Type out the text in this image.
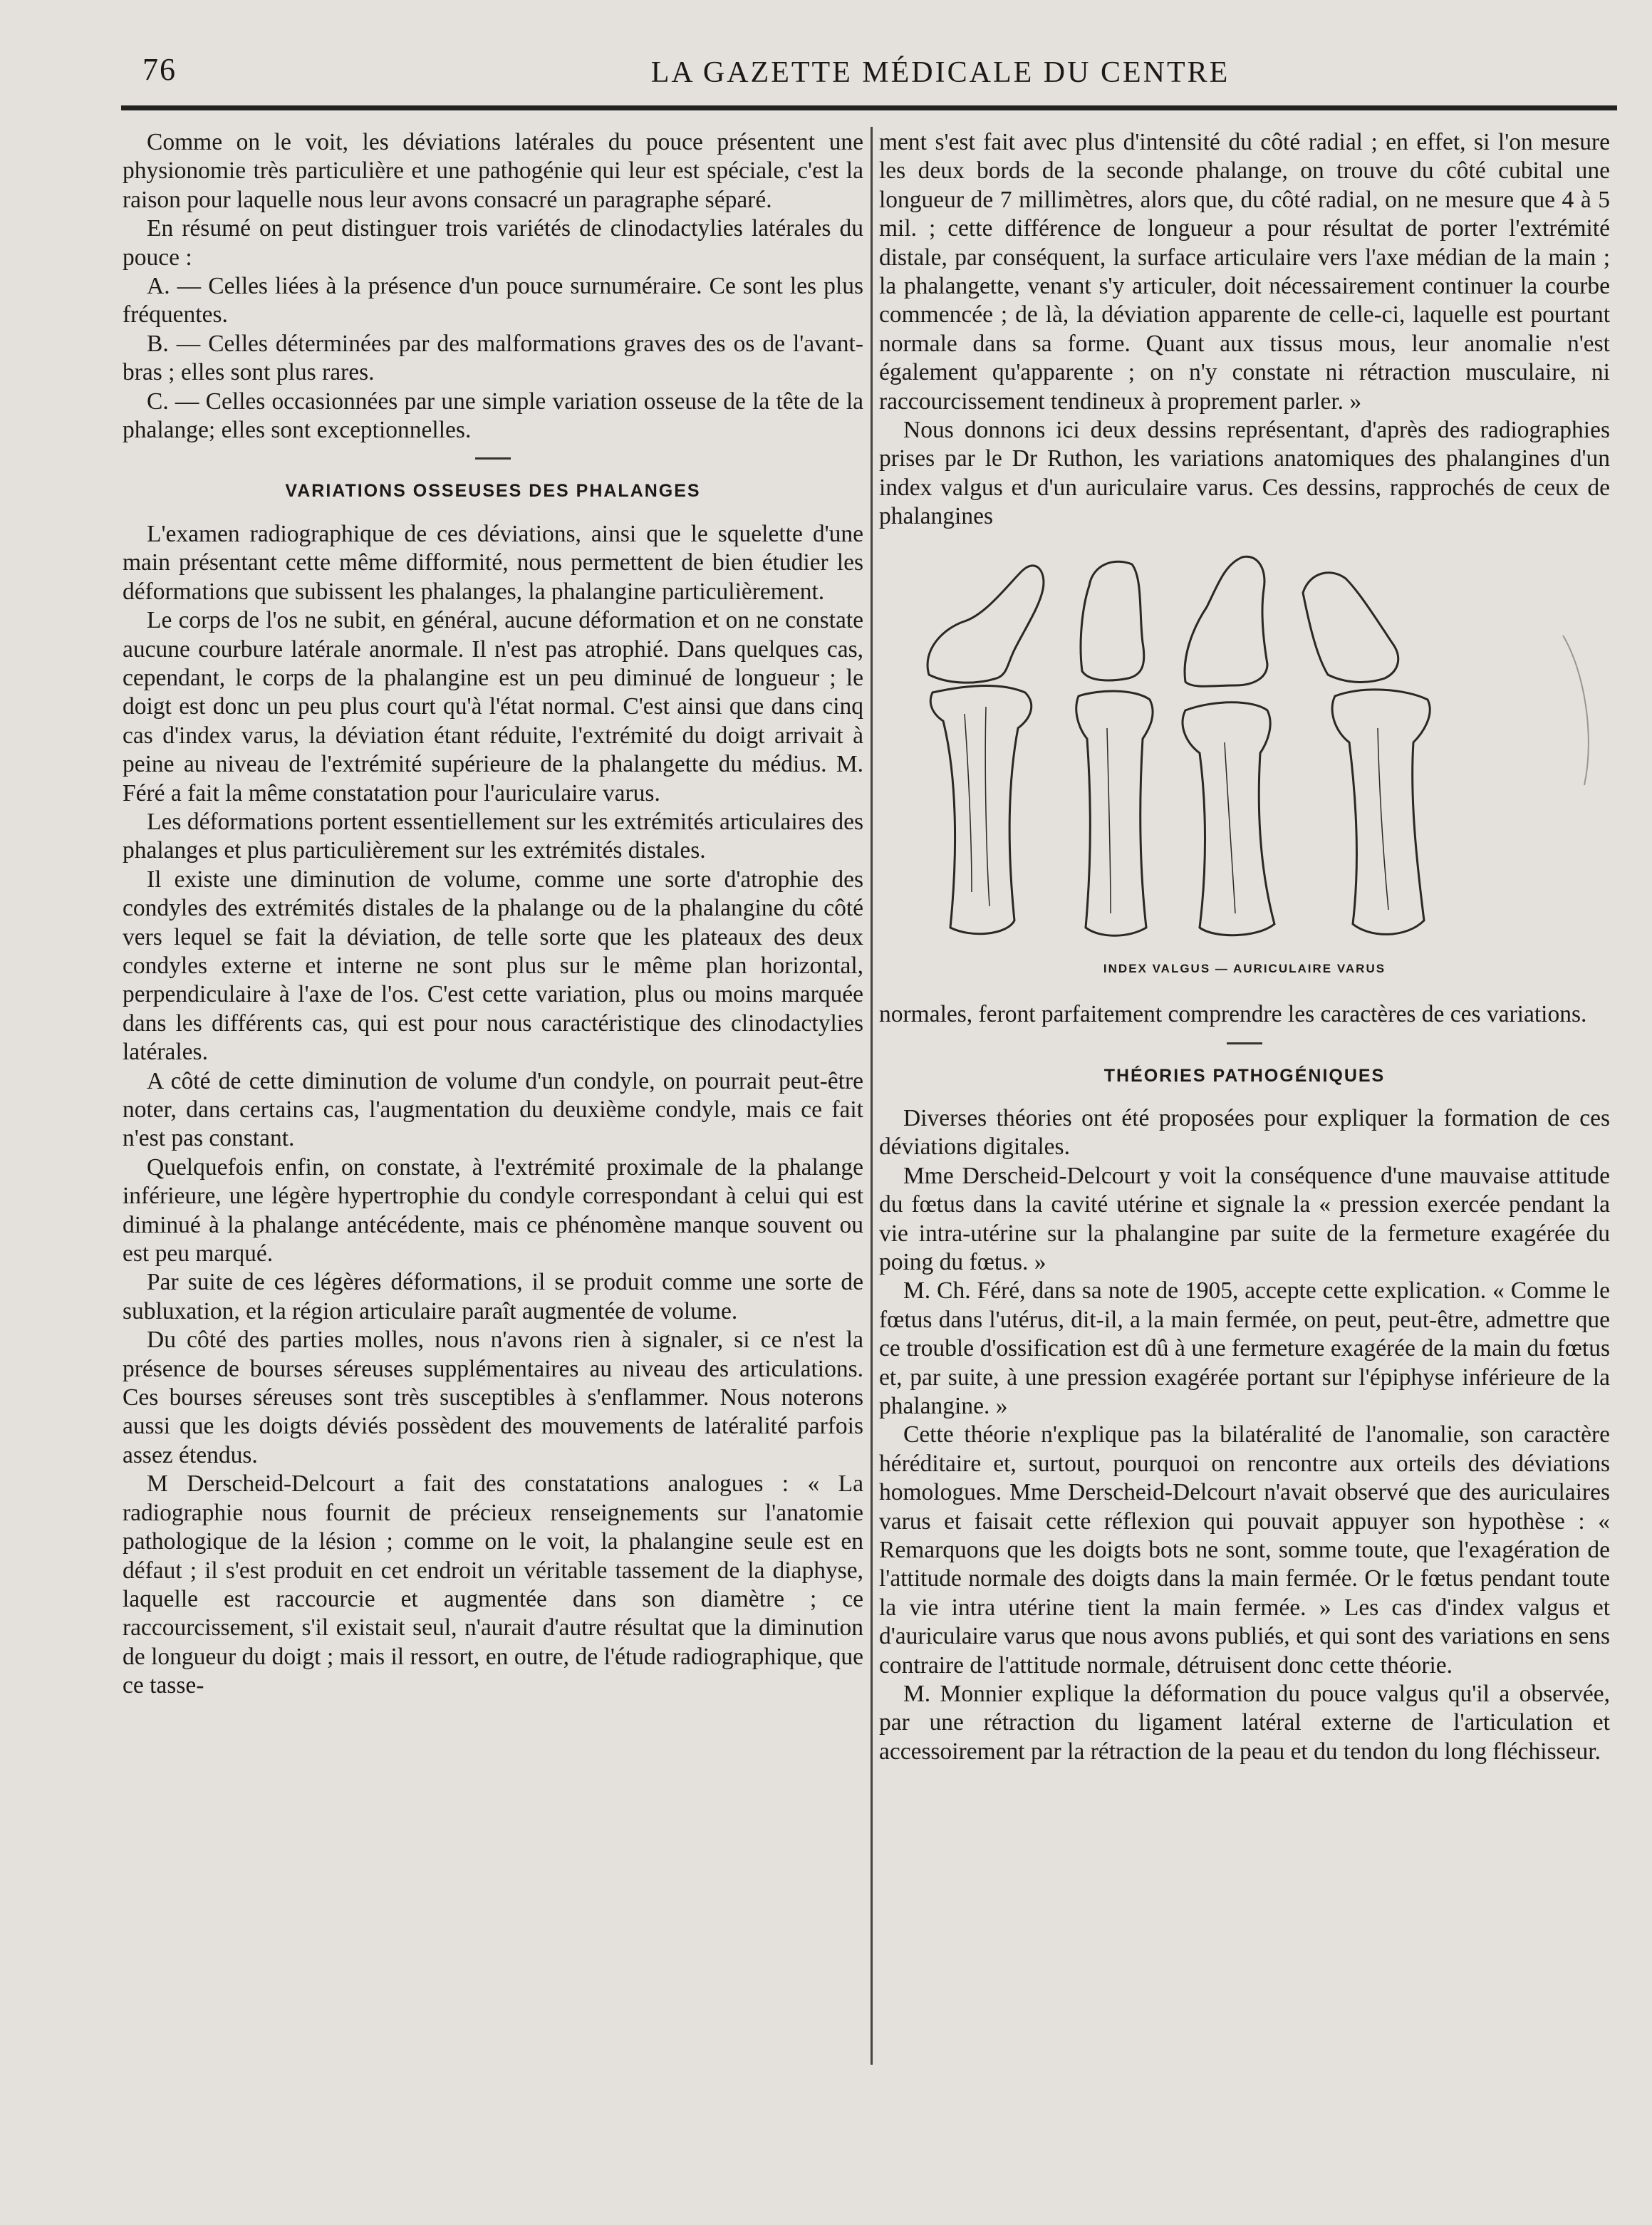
76	LA GAZETTE MÉDICALE DU CENTRE

Comme on le voit, les déviations latérales du pouce présentent une physionomie très particulière et une pathogénie qui leur est spéciale, c'est la raison pour laquelle nous leur avons consacré un paragraphe séparé.

En résumé on peut distinguer trois variétés de clinodactylies latérales du pouce :

A. — Celles liées à la présence d'un pouce surnuméraire. Ce sont les plus fréquentes.

B. — Celles déterminées par des malformations graves des os de l'avant-bras ; elles sont plus rares.

C. — Celles occasionnées par une simple variation osseuse de la tête de la phalange; elles sont exceptionnelles.

VARIATIONS OSSEUSES DES PHALANGES

L'examen radiographique de ces déviations, ainsi que le squelette d'une main présentant cette même difformité, nous permettent de bien étudier les déformations que subissent les phalanges, la phalangine particulièrement.

Le corps de l'os ne subit, en général, aucune déformation et on ne constate aucune courbure latérale anormale. Il n'est pas atrophié. Dans quelques cas, cependant, le corps de la phalangine est un peu diminué de longueur ; le doigt est donc un peu plus court qu'à l'état normal. C'est ainsi que dans cinq cas d'index varus, la déviation étant réduite, l'extrémité du doigt arrivait à peine au niveau de l'extrémité supérieure de la phalangette du médius. M. Féré a fait la même constatation pour l'auriculaire varus.

Les déformations portent essentiellement sur les extrémités articulaires des phalanges et plus particulièrement sur les extrémités distales.

Il existe une diminution de volume, comme une sorte d'atrophie des condyles des extrémités distales de la phalange ou de la phalangine du côté vers lequel se fait la déviation, de telle sorte que les plateaux des deux condyles externe et interne ne sont plus sur le même plan horizontal, perpendiculaire à l'axe de l'os. C'est cette variation, plus ou moins marquée dans les différents cas, qui est pour nous caractéristique des clinodactylies latérales.

A côté de cette diminution de volume d'un condyle, on pourrait peut-être noter, dans certains cas, l'augmentation du deuxième condyle, mais ce fait n'est pas constant.

Quelquefois enfin, on constate, à l'extrémité proximale de la phalange inférieure, une légère hypertrophie du condyle correspondant à celui qui est diminué à la phalange antécédente, mais ce phénomène manque souvent ou est peu marqué.

Par suite de ces légères déformations, il se produit comme une sorte de subluxation, et la région articulaire paraît augmentée de volume.

Du côté des parties molles, nous n'avons rien à signaler, si ce n'est la présence de bourses séreuses supplémentaires au niveau des articulations. Ces bourses séreuses sont très susceptibles à s'enflammer. Nous noterons aussi que les doigts déviés possèdent des mouvements de latéralité parfois assez étendus.

M Derscheid-Delcourt a fait des constatations analogues : « La radiographie nous fournit de précieux renseignements sur l'anatomie pathologique de la lésion ; comme on le voit, la phalangine seule est en défaut ; il s'est produit en cet endroit un véritable tassement de la diaphyse, laquelle est raccourcie et augmentée dans son diamètre ; ce raccourcissement, s'il existait seul, n'aurait d'autre résultat que la diminution de longueur du doigt ; mais il ressort, en outre, de l'étude radiographique, que ce tasse-

ment s'est fait avec plus d'intensité du côté radial ; en effet, si l'on mesure les deux bords de la seconde phalange, on trouve du côté cubital une longueur de 7 millimètres, alors que, du côté radial, on ne mesure que 4 à 5 mil. ; cette différence de longueur a pour résultat de porter l'extrémité distale, par conséquent, la surface articulaire vers l'axe médian de la main ; la phalangette, venant s'y articuler, doit nécessairement continuer la courbe commencée ; de là, la déviation apparente de celle-ci, laquelle est pourtant normale dans sa forme. Quant aux tissus mous, leur anomalie n'est également qu'apparente ; on n'y constate ni rétraction musculaire, ni raccourcissement tendineux à proprement parler. »

Nous donnons ici deux dessins représentant, d'après des radiographies prises par le Dr Ruthon, les variations anatomiques des phalangines d'un index valgus et d'un auriculaire varus. Ces dessins, rapprochés de ceux de phalangines

INDEX VALGUS — AURICULAIRE VARUS

normales, feront parfaitement comprendre les caractères de ces variations.

THÉORIES PATHOGÉNIQUES

Diverses théories ont été proposées pour expliquer la formation de ces déviations digitales.

Mme Derscheid-Delcourt y voit la conséquence d'une mauvaise attitude du fœtus dans la cavité utérine et signale la « pression exercée pendant la vie intra-utérine sur la phalangine par suite de la fermeture exagérée du poing du fœtus. »

M. Ch. Féré, dans sa note de 1905, accepte cette explication. « Comme le fœtus dans l'utérus, dit-il, a la main fermée, on peut, peut-être, admettre que ce trouble d'ossification est dû à une fermeture exagérée de la main du fœtus et, par suite, à une pression exagérée portant sur l'épiphyse inférieure de la phalangine. »

Cette théorie n'explique pas la bilatéralité de l'anomalie, son caractère héréditaire et, surtout, pourquoi on rencontre aux orteils des déviations homologues. Mme Derscheid-Delcourt n'avait observé que des auriculaires varus et faisait cette réflexion qui pouvait appuyer son hypothèse : « Remarquons que les doigts bots ne sont, somme toute, que l'exagération de l'attitude normale des doigts dans la main fermée. Or le fœtus pendant toute la vie intra utérine tient la main fermée. » Les cas d'index valgus et d'auriculaire varus que nous avons publiés, et qui sont des variations en sens contraire de l'attitude normale, détruisent donc cette théorie.

M. Monnier explique la déformation du pouce valgus qu'il a observée, par une rétraction du ligament latéral externe de l'articulation et accessoirement par la rétraction de la peau et du tendon du long fléchisseur.
